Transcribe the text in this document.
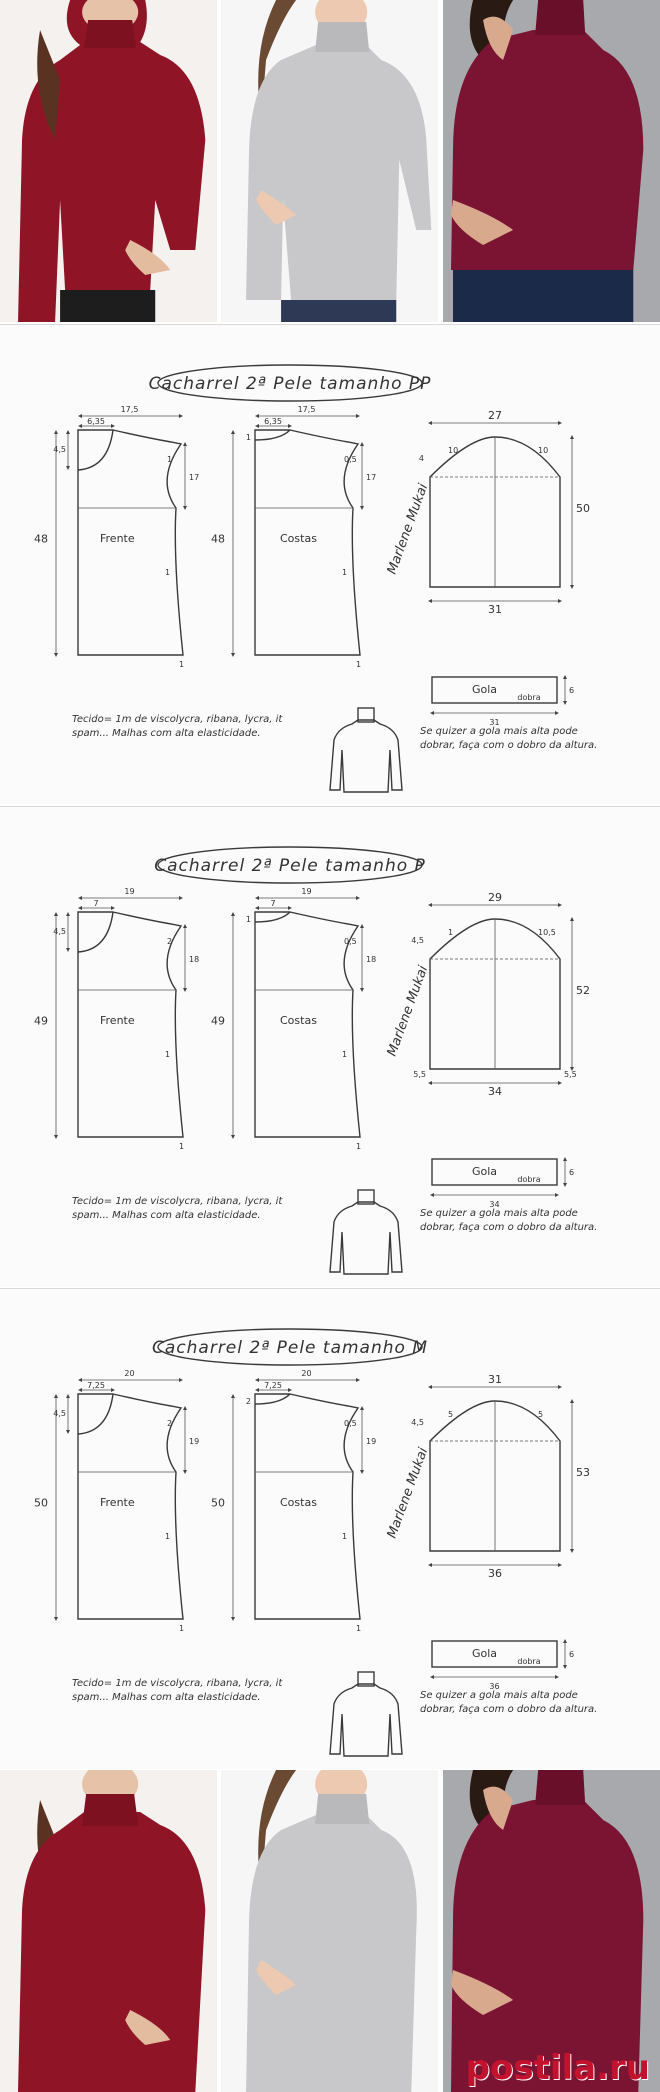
Cacharrel 2ª Pele tamanho PP
Frente
17,5
6,35
4,5
48
17
1
1
1
Costas
17,5
6,35
1
48
17
0,5
1
1
Marlene Mukai
27
10	10
4
50
31
Gola
dobra
31
6
Tecido= 1m de viscolycra, ribana, lycra, it spam... Malhas com alta elasticidade.	Se quizer a gola mais alta pode dobrar, faça com o dobro da altura.
Cacharrel 2ª Pele tamanho P
Frente
19
7
4,5
49
18
2
1
1
Costas
19
7
1
49
18
0,5
1
1
Marlene Mukai
29
1	10,5
4,5
52
34
5,5	5,5
Gola
dobra
34
6
Tecido= 1m de viscolycra, ribana, lycra, it spam... Malhas com alta elasticidade.	Se quizer a gola mais alta pode dobrar, faça com o dobro da altura.
Cacharrel 2ª Pele tamanho M
Frente
20
7,25
4,5
50
19
2
1
1
Costas
20
7,25
2
50
19
0,5
1
1
Marlene Mukai
31
5	5
4,5
53
36
Gola
dobra
36
6
Tecido= 1m de viscolycra, ribana, lycra, it spam... Malhas com alta elasticidade.	Se quizer a gola mais alta pode dobrar, faça com o dobro da altura.
postila.ru
